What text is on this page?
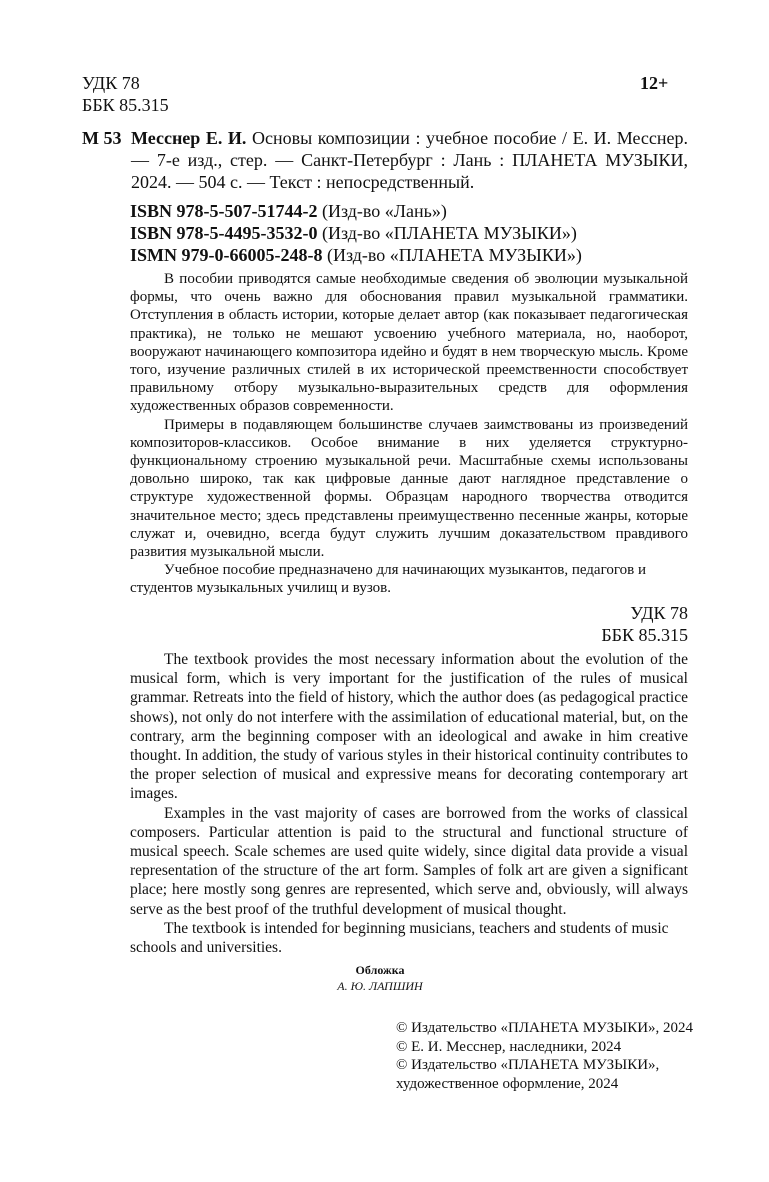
УДК 78
ББК 85.315
12+
М 53 Месснер Е. И. Основы композиции : учебное пособие / Е. И. Месснер. — 7-е изд., стер. — Санкт-Петербург : Лань : ПЛАНЕТА МУЗЫКИ, 2024. — 504 с. — Текст : непосредственный.
ISBN 978-5-507-51744-2 (Изд-во «Лань»)
ISBN 978-5-4495-3532-0 (Изд-во «ПЛАНЕТА МУЗЫКИ»)
ISMN 979-0-66005-248-8 (Изд-во «ПЛАНЕТА МУЗЫКИ»)

В пособии приводятся самые необходимые сведения об эволюции музыкальной формы, что очень важно для обоснования правил музыкальной грамматики. Отступления в область истории, которые делает автор (как показывает педагогическая практика), не только не мешают усвоению учебного материала, но, наоборот, вооружают начинающего композитора идейно и будят в нем творческую мысль. Кроме того, изучение различных стилей в их исторической преемственности способствует правильному отбору музыкально-выразительных средств для оформления художественных образов современности.

Примеры в подавляющем большинстве случаев заимствованы из произведений композиторов-классиков. Особое внимание в них уделяется структурно-функциональному строению музыкальной речи. Масштабные схемы использованы довольно широко, так как цифровые данные дают наглядное представление о структуре художественной формы. Образцам народного творчества отводится значительное место; здесь представлены преимущественно песенные жанры, которые служат и, очевидно, всегда будут служить лучшим доказательством правдивого развития музыкальной мысли.

Учебное пособие предназначено для начинающих музыкантов, педагогов и студентов музыкальных училищ и вузов.

УДК 78
ББК 85.315

The textbook provides the most necessary information about the evolution of the musical form, which is very important for the justification of the rules of musical grammar. Retreats into the field of history, which the author does (as pedagogical practice shows), not only do not interfere with the assimilation of educational material, but, on the contrary, arm the beginning composer with an ideological and awake in him creative thought. In addition, the study of various styles in their historical continuity contributes to the proper selection of musical and expressive means for decorating contemporary art images.

Examples in the vast majority of cases are borrowed from the works of classical composers. Particular attention is paid to the structural and functional structure of musical speech. Scale schemes are used quite widely, since digital data provide a visual representation of the structure of the art form. Samples of folk art are given a significant place; here mostly song genres are represented, which serve and, obviously, will always serve as the best proof of the truthful development of musical thought.

The textbook is intended for beginning musicians, teachers and students of music schools and universities.

Обложка
А. Ю. ЛАПШИН
© Издательство «ПЛАНЕТА МУЗЫКИ», 2024
© Е. И. Месснер, наследники, 2024
© Издательство «ПЛАНЕТА МУЗЫКИ»,
художественное оформление, 2024
